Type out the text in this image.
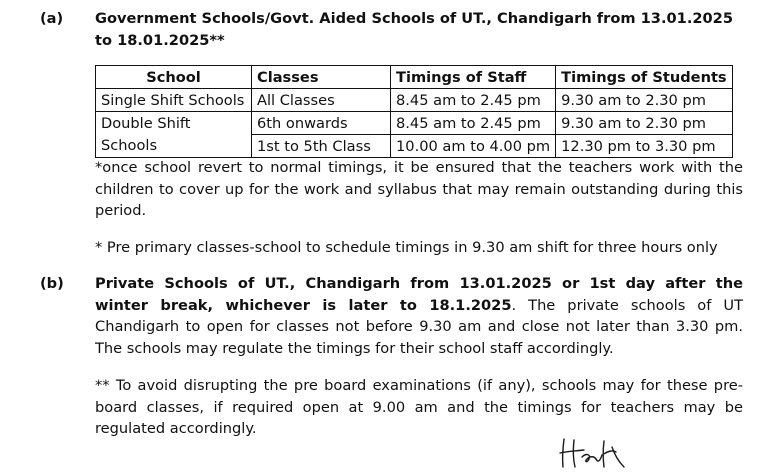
(a) Government Schools/Govt. Aided Schools of UT., Chandigarh from 13.01.2025 to 18.01.2025**
School	Classes	Timings of Staff	Timings of Students
Single Shift Schools	All Classes	8.45 am to 2.45 pm	9.30 am to 2.30 pm
Double Shift	6th onwards	8.45 am to 2.45 pm	9.30 am to 2.30 pm
Schools	1st to 5th Class	10.00 am to 4.00 pm	12.30 pm to 3.30 pm
*once school revert to normal timings, it be ensured that the teachers work with the children to cover up for the work and syllabus that may remain outstanding during this period.
* Pre primary classes-school to schedule timings in 9.30 am shift for three hours only
(b) Private Schools of UT., Chandigarh from 13.01.2025 or 1st day after the winter break, whichever is later to 18.1.2025. The private schools of UT Chandigarh to open for classes not before 9.30 am and close not later than 3.30 pm. The schools may regulate the timings for their school staff accordingly.
** To avoid disrupting the pre board examinations (if any), schools may for these pre-board classes, if required open at 9.00 am and the timings for teachers may be regulated accordingly.
